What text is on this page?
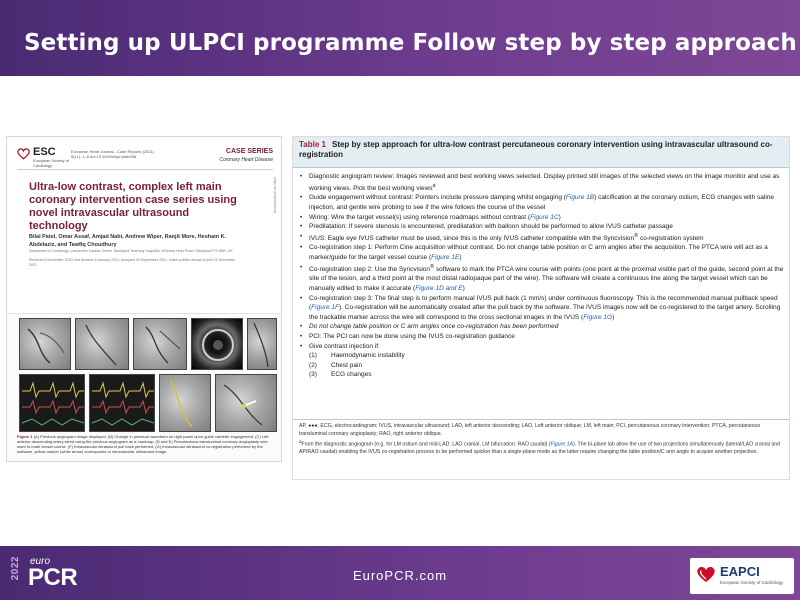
Setting up ULPCI programme Follow step by step approach
ESC
European Society of Cardiology
European Heart Journal - Case Reports (2021) 5(11), 1–6 doi:10.1093/ehjcr/ytab398
CASE SERIES
Coronary Heart Disease
Ultra-low contrast, complex left main coronary intervention case series using novel intravascular ultrasound technology
Bilal Patel, Omar Assaf, Amjad Nabi, Andrew Wiper, Ranjit More, Hesham K. Abdelaziz, and Tawfiq Choudhury
Department of Cardiology, Lancashire Cardiac Centre, Blackpool Teaching Hospitals, Whinney Heys Road, Blackpool FY3 8NR, UK
Received 6 November 2020; first decision 8 January 2021; accepted 09 September 2021; online publish-ahead-of-print 11 November 2021
Downloaded from https
Figure 1 (A) Previous angiogram image displayed. (B) Change in pressure waveform on right panel upon guide catheter engagement. (C) Left anterior descending artery wired using the previous angiogram as a roadmap. (D and E) Percutaneous transluminal coronary angioplasty wire used to mark vessel course. (F) Intravascular ultrasound pull back performed. (G) Intravascular ultrasound co-registration performed by the software, yellow marker (white arrow) corresponds to intravascular ultrasound image.
Table 1 Step by step approach for ultra-low contrast percutaneous coronary intervention using intravascular ultrasound co-registration
• Diagnostic angiogram review: Images reviewed and best working views selected. Display printed still images of the selected views on the image monitor and use as working views. Pick the best working views$^a$
• Guide engagement without contrast: Pointers include pressure damping whilst engaging (Figure 1B) calcification at the coronary ostium, ECG changes with saline injection, and gentle wire probing to see if the wire follows the course of the vessel
• Wiring: Wire the target vessel(s) using reference roadmaps without contrast (Figure 1C)
• Predilatation: If severe stenosis is encountered, predilatation with balloon should be performed to allow IVUS catheter passage
• IVUS: Eagle eye IVUS catheter must be used, since this is the only IVUS catheter compatible with the Syncvision® co-registration system
• Co-registration step 1: Perform Cine acquisition without contrast. Do not change table position or C arm angles after the acquisition. The PTCA wire will act as a marker/guide for the target vessel course (Figure 1E)
• Co-registration step 2: Use the Syncvision® software to mark the PTCA wire course with points (one point at the proximal visible part of the guide, second point at the site of the lesion, and a third point at the most distal radiopaque part of the wire). The software will create a continuous line along the target vessel which can be manually edited to make it accurate (Figure 1D and E)
• Co-registration step 3: The final step is to perform manual IVUS pull back (1 mm/s) under continuous fluoroscopy. This is the recommended manual pullback speed (Figure 1F). Co-registration will be automatically created after the pull back by the software. The IVUS images now will be co-registered to the target artery. Scrolling the trackable marker across the wire will correspond to the cross sectional images in the IVUS (Figure 1G)
• Do not change table position or C arm angles once co-registration has been performed
• PCI: The PCI can now be done using the IVUS co-registration guidance
• Give contrast injection if:
(1) Haemodynamic instability
(2) Chest pain
(3) ECG changes
AP, ●●●; ECG, electrocardiogram; IVUS, intravascular ultrasound; LAD, left anterior descending; LAO, Left anterior oblique; LM, left main; PCI, percutaneous coronary intervention; PTCA, percutaneous transluminal coronary angioplasty; RAO, right anterior oblique.
$^a$From the diagnostic angiogram (e.g. for LM ostium and mid-LAD: LAO cranial, LM bifurcation: RAO caudal) (Figure 1A). The bi-plane lab allow the use of two projections simultaneously (lateral/LAO cranial and AP/RAO caudal) enabling the IVUS co-registration process to be performed quicker than a single-plane mode as the latter require changing the table position/C arm angle to acquire another projection.
2022 euro
PCR	EuroPCR.com	EAPCI
European Society of Cardiology
